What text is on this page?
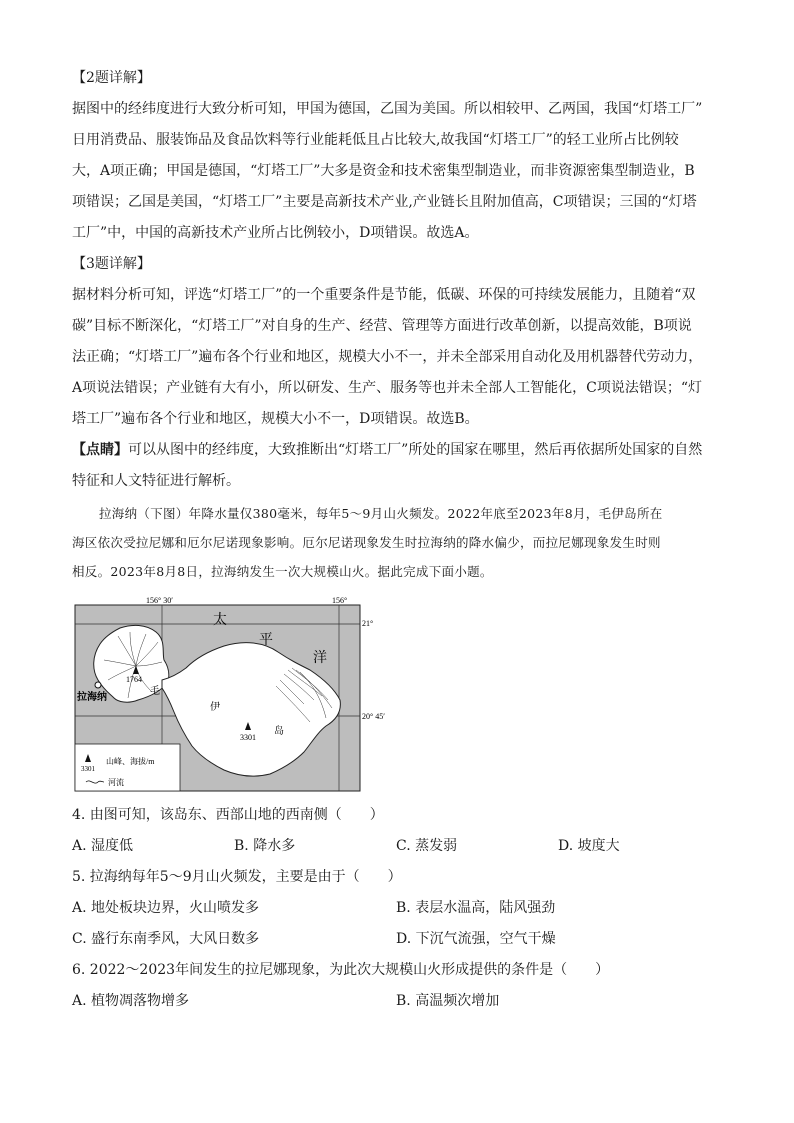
【2题详解】

据图中的经纬度进行大致分析可知，甲国为德国，乙国为美国。所以相较甲、乙两国，我国“灯塔工厂”

日用消费品、服装饰品及食品饮料等行业能耗低且占比较大,故我国“灯塔工厂”的轻工业所占比例较

大，A项正确；甲国是德国，“灯塔工厂”大多是资金和技术密集型制造业，而非资源密集型制造业，B

项错误；乙国是美国，“灯塔工厂”主要是高新技术产业,产业链长且附加值高，C项错误；三国的“灯塔

工厂”中，中国的高新技术产业所占比例较小，D项错误。故选A。

【3题详解】

据材料分析可知，评选“灯塔工厂”的一个重要条件是节能，低碳、环保的可持续发展能力，且随着“双

碳”目标不断深化，“灯塔工厂”对自身的生产、经营、管理等方面进行改革创新，以提高效能，B项说

法正确；“灯塔工厂”遍布各个行业和地区，规模大小不一，并未全部采用自动化及用机器替代劳动力，

A项说法错误；产业链有大有小，所以研发、生产、服务等也并未全部人工智能化，C项说法错误；“灯

塔工厂”遍布各个行业和地区，规模大小不一，D项错误。故选B。

【点睛】可以从图中的经纬度，大致推断出“灯塔工厂”所处的国家在哪里，然后再依据所处国家的自然

特征和人文特征进行解析。

拉海纳（下图）年降水量仅380毫米，每年5～9月山火频发。2022年底至2023年8月，毛伊岛所在

海区依次受拉尼娜和厄尔尼诺现象影响。厄尔尼诺现象发生时拉海纳的降水偏少，而拉尼娜现象发生时则

相反。2023年8月8日，拉海纳发生一次大规模山火。据此完成下面小题。

太
平
洋
156° 30′	156°
21°
20° 45′
毛
伊
岛
1764
3301
拉海纳
3301
山峰、海拔/m
河流

4. 由图可知，该岛东、西部山地的西南侧（　　）

A. 湿度低	B. 降水多	C. 蒸发弱	D. 坡度大

5. 拉海纳每年5～9月山火频发，主要是由于（　　）

A. 地处板块边界，火山喷发多	B. 表层水温高，陆风强劲

C. 盛行东南季风，大风日数多	D. 下沉气流强，空气干燥

6. 2022～2023年间发生的拉尼娜现象，为此次大规模山火形成提供的条件是（　　）

A. 植物凋落物增多	B. 高温频次增加
